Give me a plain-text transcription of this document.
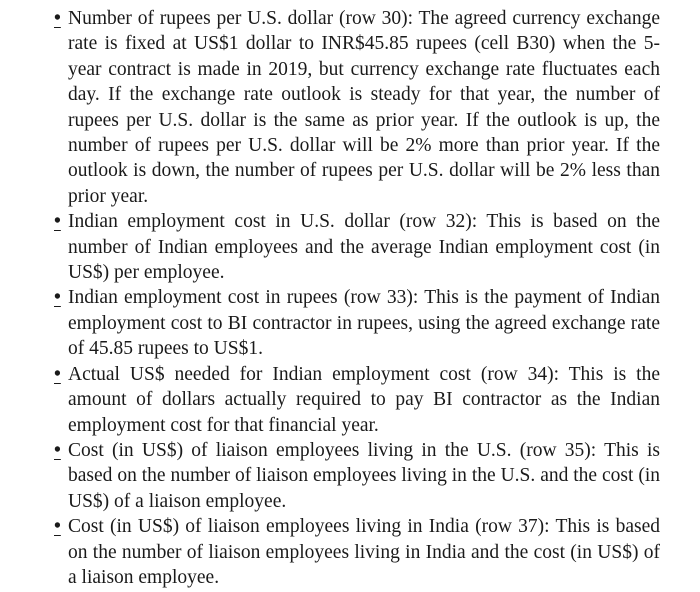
• Number of rupees per U.S. dollar (row 30): The agreed currency exchange rate is fixed at US$1 dollar to INR$45.85 rupees (cell B30) when the 5-year contract is made in 2019, but currency exchange rate fluctuates each day. If the exchange rate outlook is steady for that year, the number of rupees per U.S. dollar is the same as prior year. If the outlook is up, the number of rupees per U.S. dollar will be 2% more than prior year. If the outlook is down, the number of rupees per U.S. dollar will be 2% less than prior year.
• Indian employment cost in U.S. dollar (row 32): This is based on the number of Indian employees and the average Indian employment cost (in US$) per employee.
• Indian employment cost in rupees (row 33): This is the payment of Indian employment cost to BI contractor in rupees, using the agreed exchange rate of 45.85 rupees to US$1.
• Actual US$ needed for Indian employment cost (row 34): This is the amount of dollars actually required to pay BI contractor as the Indian employment cost for that financial year.
• Cost (in US$) of liaison employees living in the U.S. (row 35): This is based on the number of liaison employees living in the U.S. and the cost (in US$) of a liaison employee.
• Cost (in US$) of liaison employees living in India (row 37): This is based on the number of liaison employees living in India and the cost (in US$) of a liaison employee.
